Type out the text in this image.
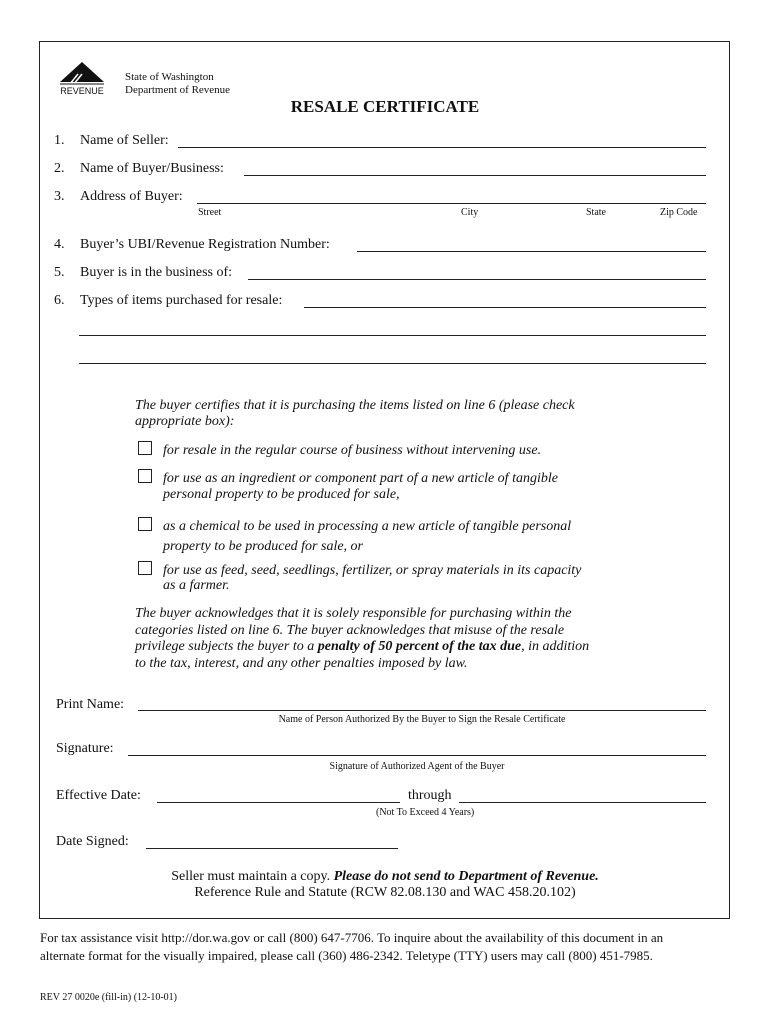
REVENUE
State of Washington
Department of Revenue
RESALE CERTIFICATE
1. Name of Seller:
2. Name of Buyer/Business:
3. Address of Buyer:
Street	City	State	Zip Code
4. Buyer’s UBI/Revenue Registration Number:
5. Buyer is in the business of:
6. Types of items purchased for resale:
The buyer certifies that it is purchasing the items listed on line 6 (please check appropriate box):
for resale in the regular course of business without intervening use.
for use as an ingredient or component part of a new article of tangible
personal property to be produced for sale,
as a chemical to be used in processing a new article of tangible personal
property to be produced for sale, or
for use as feed, seed, seedlings, fertilizer, or spray materials in its capacity
as a farmer.
The buyer acknowledges that it is solely responsible for purchasing within the
categories listed on line 6. The buyer acknowledges that misuse of the resale
privilege subjects the buyer to a penalty of 50 percent of the tax due, in addition
to the tax, interest, and any other penalties imposed by law.
Print Name:
Name of Person Authorized By the Buyer to Sign the Resale Certificate
Signature:
Signature of Authorized Agent of the Buyer
Effective Date:	through
(Not To Exceed 4 Years)
Date Signed:
Seller must maintain a copy. Please do not send to Department of Revenue.
Reference Rule and Statute (RCW 82.08.130 and WAC 458.20.102)
For tax assistance visit http://dor.wa.gov or call (800) 647-7706. To inquire about the availability of this document in an
alternate format for the visually impaired, please call (360) 486-2342. Teletype (TTY) users may call (800) 451-7985.
REV 27 0020e (fill-in) (12-10-01)
